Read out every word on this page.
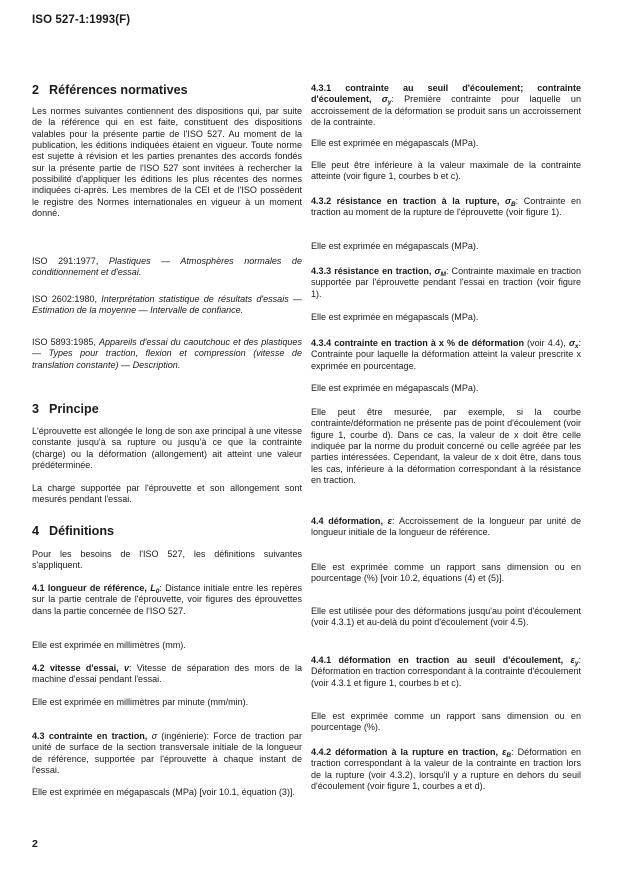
ISO 527-1:1993(F)
2 Références normatives

Les normes suivantes contiennent des dispositions qui, par suite de la référence qui en est faite, constituent des dispositions valables pour la présente partie de l'ISO 527. Au moment de la publication, les éditions indiquées étaient en vigueur. Toute norme est sujette à révision et les parties prenantes des accords fondés sur la présente partie de l'ISO 527 sont invitées à rechercher la possibilité d'appliquer les éditions les plus récentes des normes indiquées ci-après. Les membres de la CEI et de l'ISO possèdent le registre des Normes internationales en vigueur à un moment donné.

ISO 291:1977, Plastiques — Atmosphères normales de conditionnement et d'essai.

ISO 2602:1980, Interprétation statistique de résultats d'essais — Estimation de la moyenne — Intervalle de confiance.

ISO 5893:1985, Appareils d'essai du caoutchouc et des plastiques — Types pour traction, flexion et compression (vitesse de translation constante) — Description.

3 Principe

L'éprouvette est allongée le long de son axe principal à une vitesse constante jusqu'à sa rupture ou jusqu'à ce que la contrainte (charge) ou la déformation (allongement) ait atteint une valeur prédéterminée.

La charge supportée par l'éprouvette et son allongement sont mesurés pendant l'essai.

4 Définitions

Pour les besoins de l'ISO 527, les définitions suivantes s'appliquent.

4.1 longueur de référence, $L_0$: Distance initiale entre les repères sur la partie centrale de l'éprouvette, voir figures des éprouvettes dans la partie concernée de l'ISO 527.

Elle est exprimée en millimètres (mm).

4.2 vitesse d'essai, v: Vitesse de séparation des mors de la machine d'essai pendant l'essai.

Elle est exprimée en millimètres par minute (mm/min).

4.3 contrainte en traction, σ (ingénierie): Force de traction par unité de surface de la section transversale initiale de la longueur de référence, supportée par l'éprouvette à chaque instant de l'essai.

Elle est exprimée en mégapascals (MPa) [voir 10.1, équation (3)].

4.3.1 contrainte au seuil d'écoulement; contrainte d'écoulement, $\sigma_y$: Première contrainte pour laquelle un accroissement de la déformation se produit sans un accroissement de la contrainte.

Elle est exprimée en mégapascals (MPa).

Elle peut être inférieure à la valeur maximale de la contrainte atteinte (voir figure 1, courbes b et c).

4.3.2 résistance en traction à la rupture, $\sigma_B$: Contrainte en traction au moment de la rupture de l'éprouvette (voir figure 1).

Elle est exprimée en mégapascals (MPa).

4.3.3 résistance en traction, $\sigma_M$: Contrainte maximale en traction supportée par l'éprouvette pendant l'essai en traction (voir figure 1).

Elle est exprimée en mégapascals (MPa).

4.3.4 contrainte en traction à x % de déformation (voir 4.4), $\sigma_x$: Contrainte pour laquelle la déformation atteint la valeur prescrite x exprimée en pourcentage.

Elle est exprimée en mégapascals (MPa).

Elle peut être mesurée, par exemple, si la courbe contrainte/déformation ne présente pas de point d'écoulement (voir figure 1, courbe d). Dans ce cas, la valeur de x doit être celle indiquée par la norme du produit concerné ou celle agréée par les parties intéressées. Cependant, la valeur de x doit être, dans tous les cas, inférieure à la déformation correspondant à la résistance en traction.

4.4 déformation, ε: Accroissement de la longueur par unité de longueur initiale de la longueur de référence.

Elle est exprimée comme un rapport sans dimension ou en pourcentage (%) [voir 10.2, équations (4) et (5)].

Elle est utilisée pour des déformations jusqu'au point d'écoulement (voir 4.3.1) et au-delà du point d'écoulement (voir 4.5).

4.4.1 déformation en traction au seuil d'écoulement, $\varepsilon_y$: Déformation en traction correspondant à la contrainte d'écoulement (voir 4.3.1 et figure 1, courbes b et c).

Elle est exprimée comme un rapport sans dimension ou en pourcentage (%).

4.4.2 déformation à la rupture en traction, $\varepsilon_B$: Déformation en traction correspondant à la valeur de la contrainte en traction lors de la rupture (voir 4.3.2), lorsqu'il y a rupture en dehors du seuil d'écoulement (voir figure 1, courbes a et d).

2
